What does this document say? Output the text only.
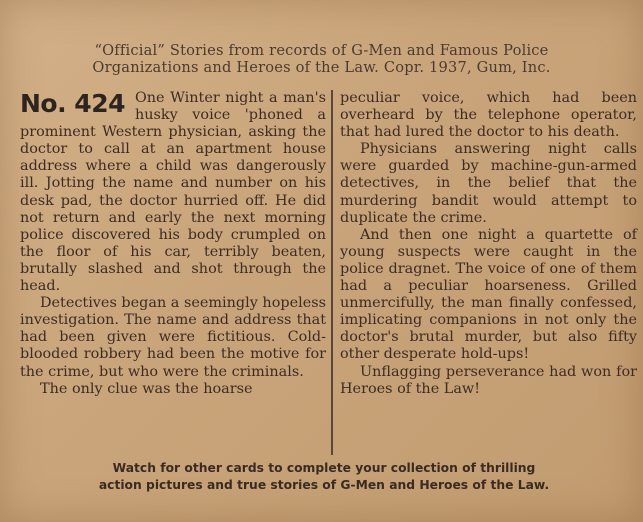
“Official” Stories from records of G-Men and Famous Police
Organizations and Heroes of the Law. Copr. 1937, Gum, Inc.
No. 424 One Winter night a man's husky voice 'phoned a prominent Western physician, asking the doctor to call at an apartment house address where a child was dangerously ill. Jotting the name and number on his desk pad, the doctor hurried off. He did not return and early the next morning police discovered his body crumpled on the floor of his car, terribly beaten, brutally slashed and shot through the head.

Detectives began a seemingly hopeless investigation. The name and address that had been given were fictitious. Cold-blooded robbery had been the motive for the crime, but who were the criminals.

The only clue was the hoarse

peculiar voice, which had been overheard by the telephone operator, that had lured the doctor to his death.

Physicians answering night calls were guarded by machine-gun-armed detectives, in the belief that the murdering bandit would attempt to duplicate the crime.

And then one night a quartette of young suspects were caught in the police dragnet. The voice of one of them had a peculiar hoarseness. Grilled unmercifully, the man finally confessed, implicating companions in not only the doctor's brutal murder, but also fifty other desperate hold-ups!

Unflagging perseverance had won for Heroes of the Law!

Watch for other cards to complete your collection of thrilling
action pictures and true stories of G-Men and Heroes of the Law.
